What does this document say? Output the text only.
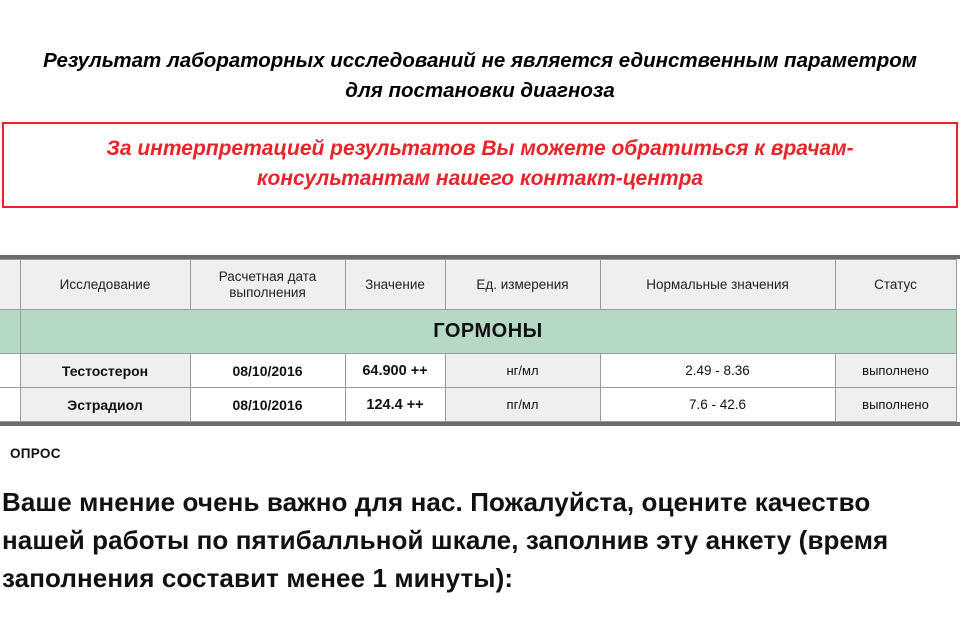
Результат лабораторных исследований не является единственным параметром для постановки диагноза
За интерпретацией результатов Вы можете обратиться к врачам-консультантам нашего контакт-центра
	Исследование	Расчетная дата выполнения	Значение	Ед. измерения	Нормальные значения	Статус
	ГОРМОНЫ					
	Тестостерон	08/10/2016	64.900 ++	нг/мл	2.49 - 8.36	выполнено
	Эстрадиол	08/10/2016	124.4 ++	пг/мл	7.6 - 42.6	выполнено
ОПРОС
Ваше мнение очень важно для нас. Пожалуйста, оцените качество нашей работы по пятибалльной шкале, заполнив эту анкету (время заполнения составит менее 1 минуты):
